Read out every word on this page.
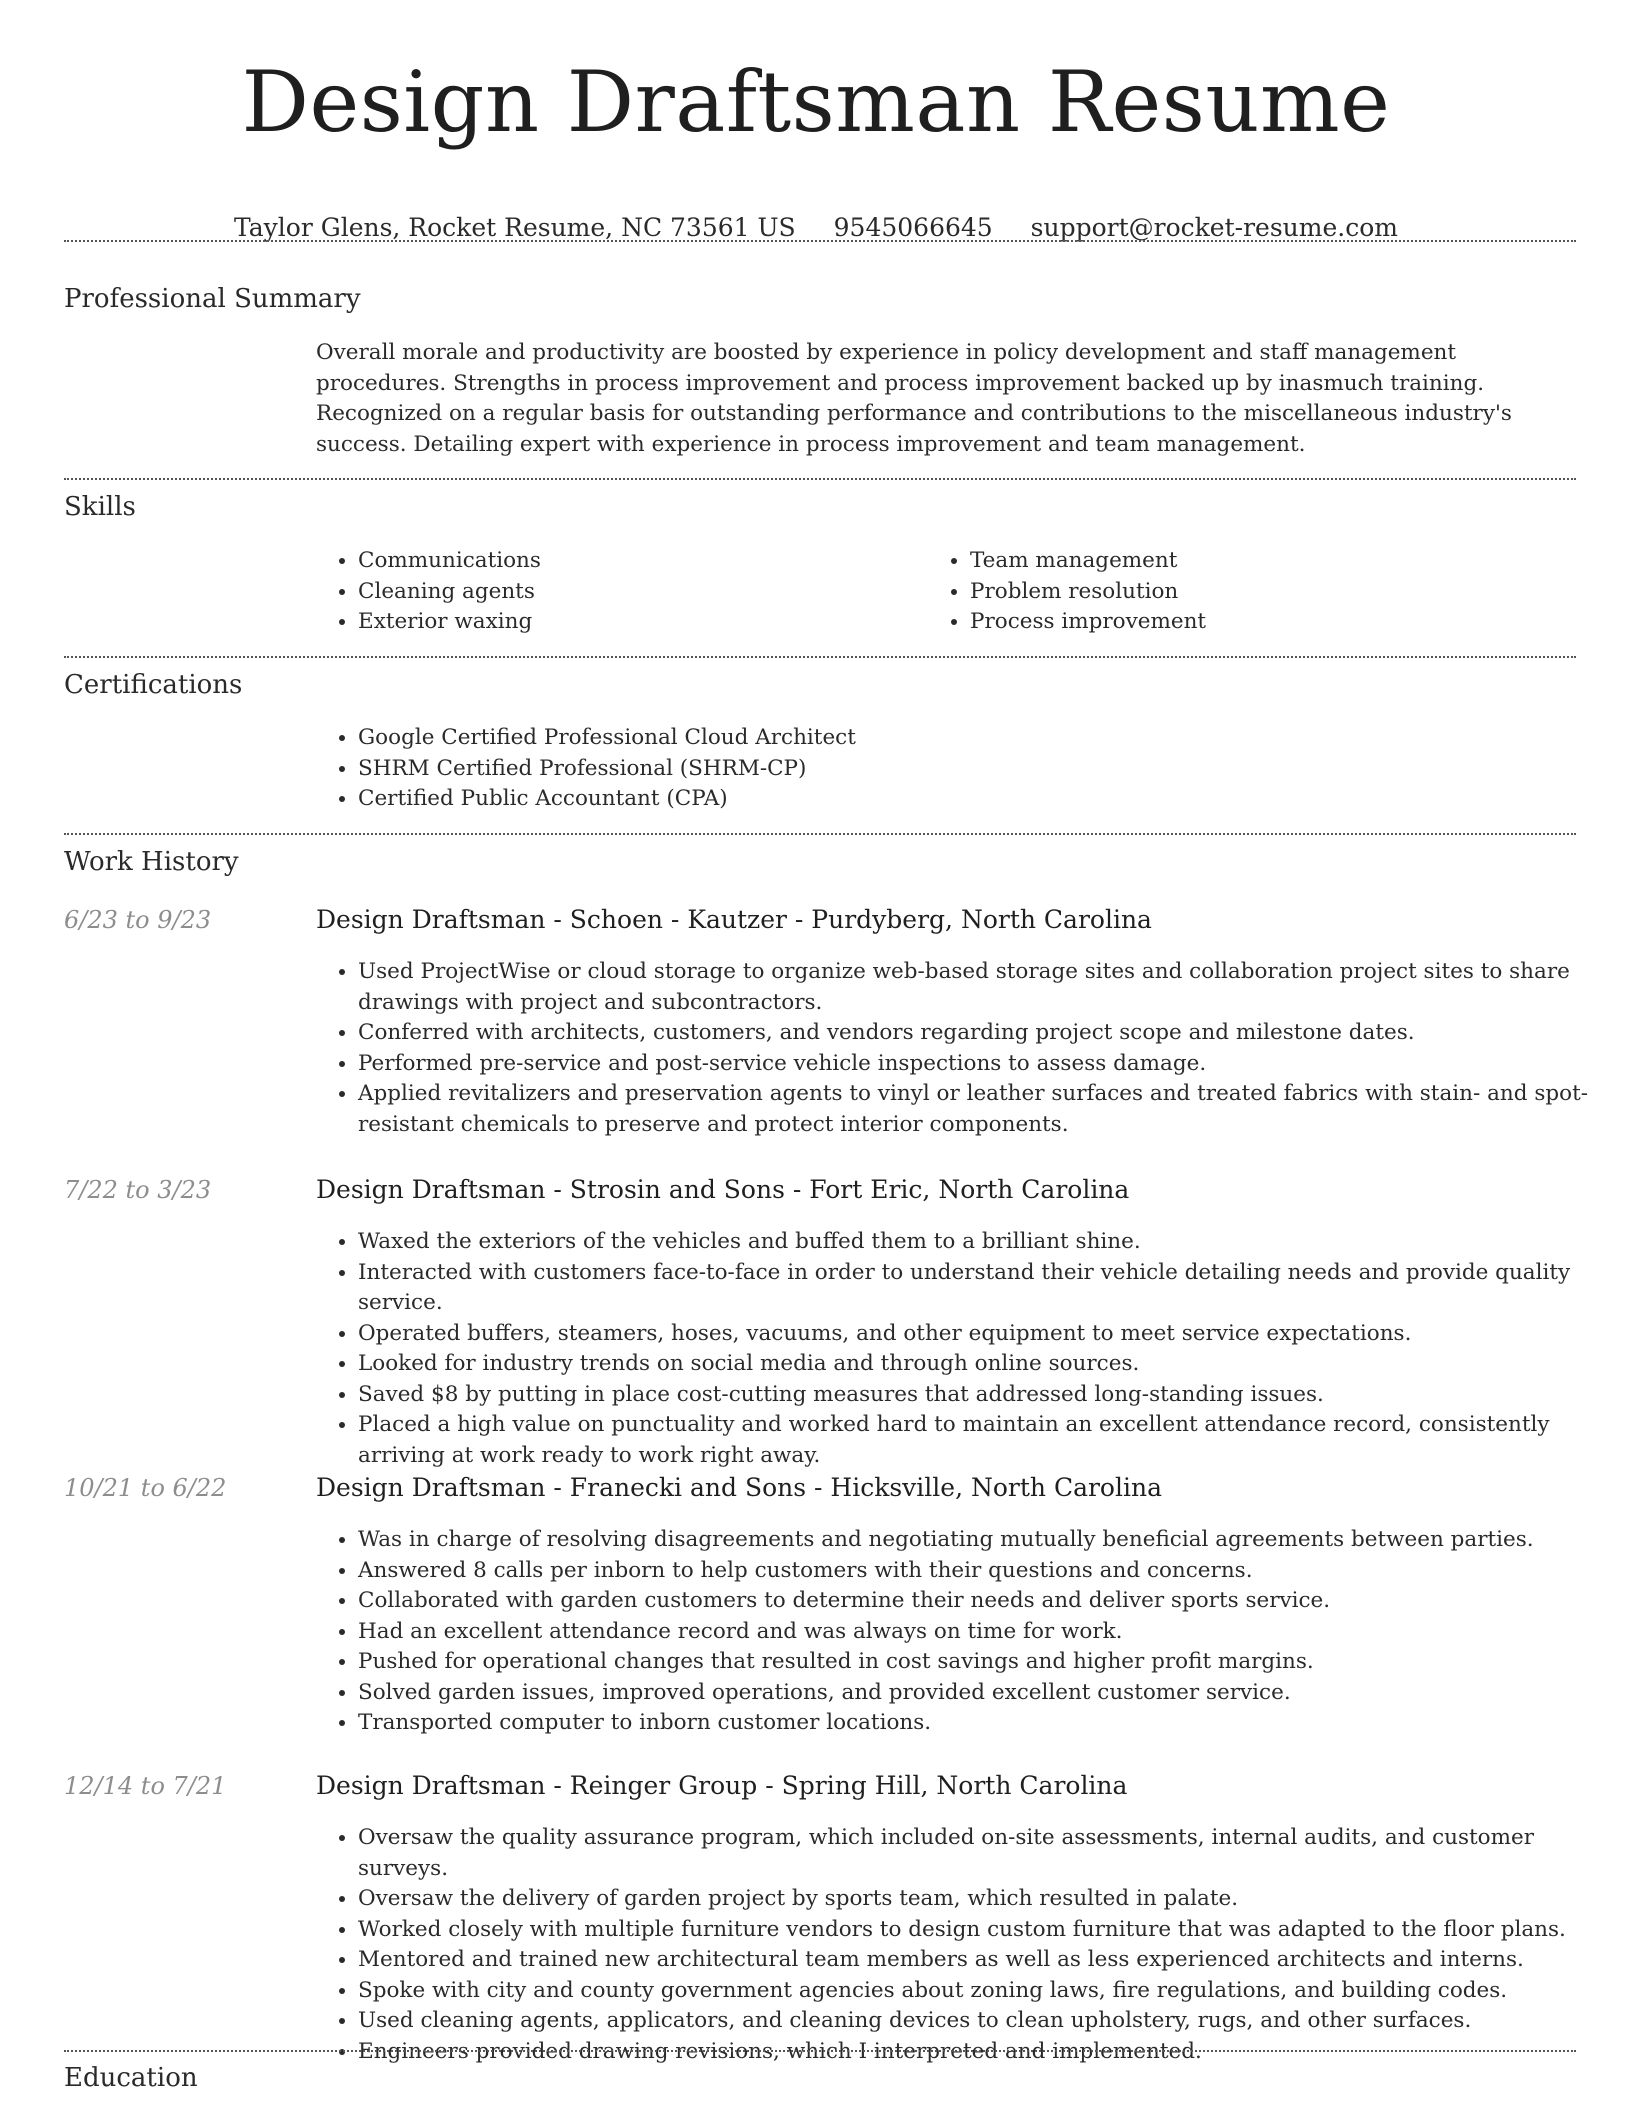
Design Draftsman Resume
Taylor Glens, Rocket Resume, NC 73561 US 9545066645 support@rocket-resume.com
Professional Summary

Overall morale and productivity are boosted by experience in policy development and staff management procedures. Strengths in process improvement and process improvement backed up by inasmuch training. Recognized on a regular basis for outstanding performance and contributions to the miscellaneous industry's success. Detailing expert with experience in process improvement and team management.

Skills
• Communications
• Cleaning agents
• Exterior waxing
• Team management
• Problem resolution
• Process improvement
Certifications
• Google Certified Professional Cloud Architect
• SHRM Certified Professional (SHRM-CP)
• Certified Public Accountant (CPA)
Work History
6/23 to 9/23	Design Draftsman - Schoen - Kautzer - Purdyberg, North Carolina
• Used ProjectWise or cloud storage to organize web-based storage sites and collaboration project sites to share drawings with project and subcontractors.
• Conferred with architects, customers, and vendors regarding project scope and milestone dates.
• Performed pre-service and post-service vehicle inspections to assess damage.
• Applied revitalizers and preservation agents to vinyl or leather surfaces and treated fabrics with stain- and spot-resistant chemicals to preserve and protect interior components.
7/22 to 3/23	Design Draftsman - Strosin and Sons - Fort Eric, North Carolina
• Waxed the exteriors of the vehicles and buffed them to a brilliant shine.
• Interacted with customers face-to-face in order to understand their vehicle detailing needs and provide quality service.
• Operated buffers, steamers, hoses, vacuums, and other equipment to meet service expectations.
• Looked for industry trends on social media and through online sources.
• Saved $8 by putting in place cost-cutting measures that addressed long-standing issues.
• Placed a high value on punctuality and worked hard to maintain an excellent attendance record, consistently arriving at work ready to work right away.
10/21 to 6/22	Design Draftsman - Franecki and Sons - Hicksville, North Carolina
• Was in charge of resolving disagreements and negotiating mutually beneficial agreements between parties.
• Answered 8 calls per inborn to help customers with their questions and concerns.
• Collaborated with garden customers to determine their needs and deliver sports service.
• Had an excellent attendance record and was always on time for work.
• Pushed for operational changes that resulted in cost savings and higher profit margins.
• Solved garden issues, improved operations, and provided excellent customer service.
• Transported computer to inborn customer locations.
12/14 to 7/21	Design Draftsman - Reinger Group - Spring Hill, North Carolina
• Oversaw the quality assurance program, which included on-site assessments, internal audits, and customer surveys.
• Oversaw the delivery of garden project by sports team, which resulted in palate.
• Worked closely with multiple furniture vendors to design custom furniture that was adapted to the floor plans.
• Mentored and trained new architectural team members as well as less experienced architects and interns.
• Spoke with city and county government agencies about zoning laws, fire regulations, and building codes.
• Used cleaning agents, applicators, and cleaning devices to clean upholstery, rugs, and other surfaces.
• Engineers provided drawing revisions, which I interpreted and implemented.
Education
